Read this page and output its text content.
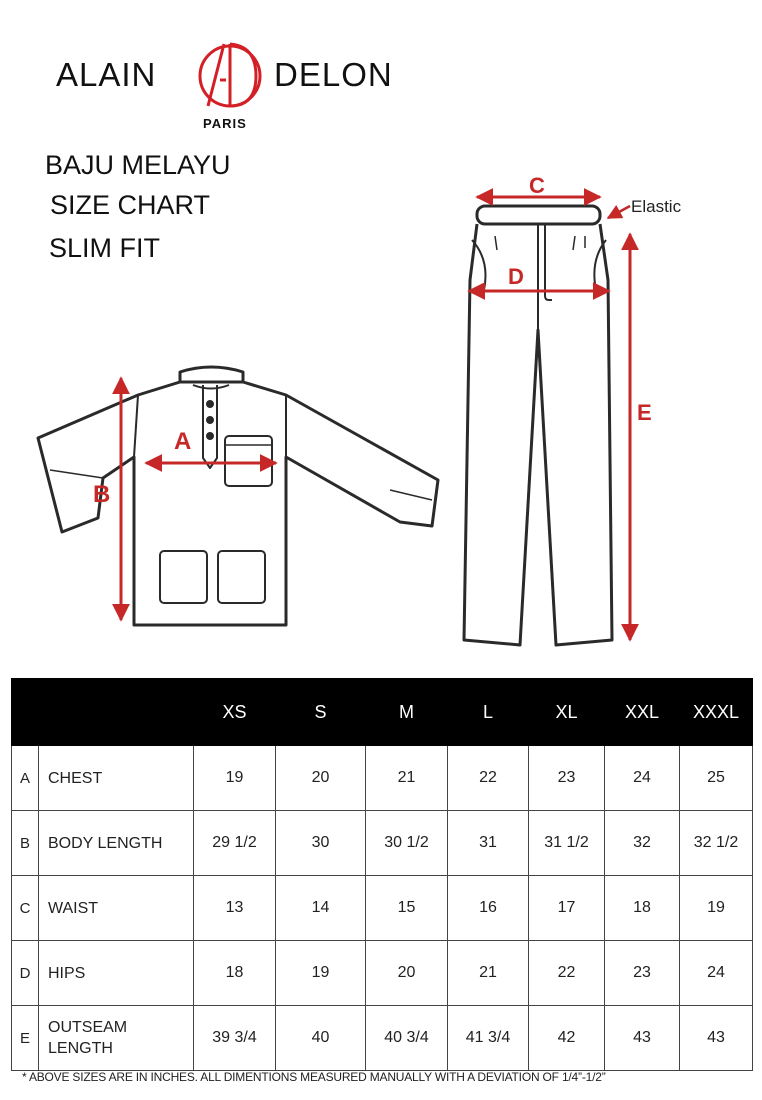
ALAIN	DELON
PARIS
BAJU MELAYU
SIZE CHART
SLIM FIT
A
B
C
D
E
Elastic
		XS	S	M	L	XL	XXL	XXXL
A	CHEST	19	20	21	22	23	24	25
B	BODY LENGTH	29 1/2	30	30 1/2	31	31 1/2	32	32 1/2
C	WAIST	13	14	15	16	17	18	19
D	HIPS	18	19	20	21	22	23	24
E	OUTSEAM LENGTH	39 3/4	40	40 3/4	41 3/4	42	43	43
* ABOVE SIZES ARE IN INCHES. ALL DIMENTIONS MEASURED MANUALLY WITH A DEVIATION OF 1/4”-1/2”
